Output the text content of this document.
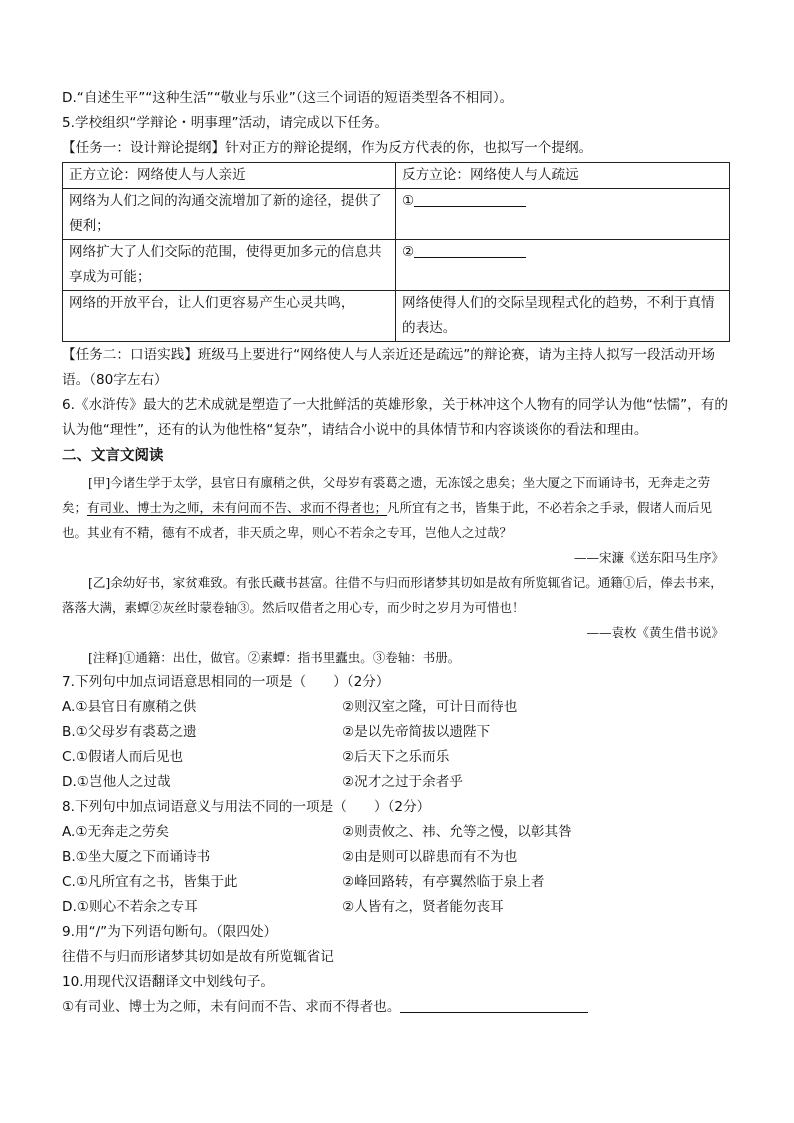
D.“自述生平”“这种生活”“敬业与乐业”（这三个词语的短语类型各不相同）。

5.学校组织“学辩论・明事理”活动，请完成以下任务。

【任务一：设计辩论提纲】针对正方的辩论提纲，作为反方代表的你，也拟写一个提纲。

正方立论：网络使人与人亲近	反方立论：网络使人与人疏远
网络为人们之间的沟通交流增加了新的途径，提供了便利；	①
网络扩大了人们交际的范围，使得更加多元的信息共享成为可能；	②
网络的开放平台，让人们更容易产生心灵共鸣，	网络使得人们的交际呈现程式化的趋势，不利于真情的表达。

【任务二：口语实践】班级马上要进行“网络使人与人亲近还是疏远”的辩论赛，请为主持人拟写一段活动开场语。（80字左右）

6.《水浒传》最大的艺术成就是塑造了一大批鲜活的英雄形象，关于林冲这个人物有的同学认为他“怯懦”，有的认为他“理性”，还有的认为他性格“复杂”，请结合小说中的具体情节和内容谈谈你的看法和理由。

二、文言文阅读

[甲]今诸生学于太学，县官日有廪稍之供，父母岁有裘葛之遗，无冻馁之患矣；坐大厦之下而诵诗书，无奔走之劳矣；有司业、博士为之师，未有问而不告、求而不得者也；凡所宜有之书，皆集于此，不必若余之手录，假诸人而后见也。其业有不精，德有不成者，非天质之卑，则心不若余之专耳，岂他人之过哉？

——宋濂《送东阳马生序》

[乙]余幼好书，家贫难致。有张氏藏书甚富。往借不与归而形诸梦其切如是故有所览辄省记。通籍①后，俸去书来，落落大满，素蟫②灰丝时蒙卷轴③。然后叹借者之用心专，而少时之岁月为可惜也！

——袁枚《黄生借书说》

[注释]①通籍：出仕，做官。②素蟫：指书里蠹虫。③卷轴：书册。

7.下列句中加点词语意思相同的一项是（　　）（2分）

A.①县官日有廪稍之供	②则汉室之隆，可计日而待也
B.①父母岁有裘葛之遗	②是以先帝简拔以遗陛下
C.①假诸人而后见也	②后天下之乐而乐
D.①岂他人之过哉	②况才之过于余者乎

8.下列句中加点词语意义与用法不同的一项是（　　）（2分）

A.①无奔走之劳矣	②则责攸之、祎、允等之慢，以彰其咎
B.①坐大厦之下而诵诗书	②由是则可以辟患而有不为也
C.①凡所宜有之书，皆集于此	②峰回路转，有亭翼然临于泉上者
D.①则心不若余之专耳	②人皆有之，贤者能勿丧耳

9.用“/”为下列语句断句。（限四处）

往借不与归而形诸梦其切如是故有所览辄省记

10.用现代汉语翻译文中划线句子。

①有司业、博士为之师，未有问而不告、求而不得者也。
